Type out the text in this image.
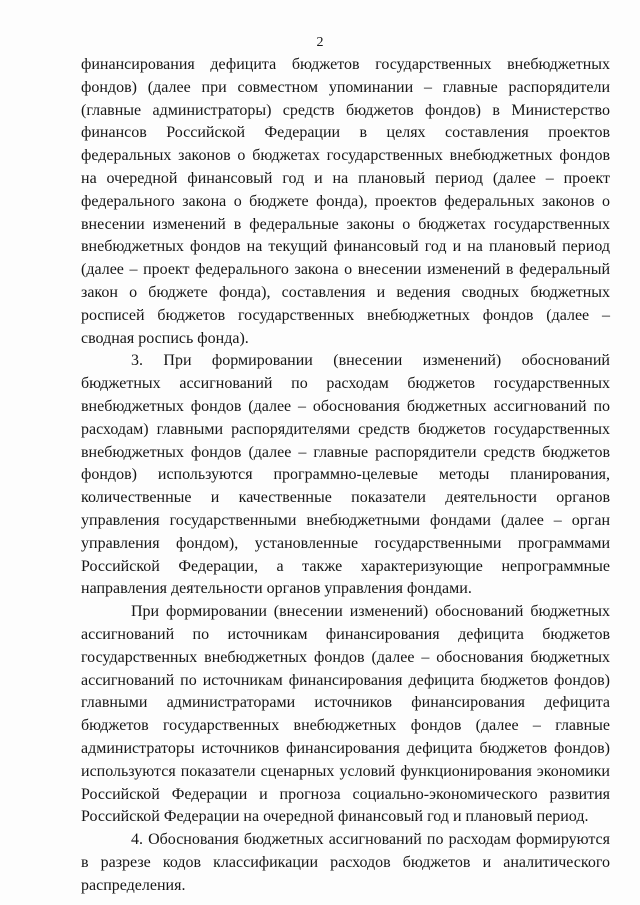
2

финансирования дефицита бюджетов государственных внебюджетных фондов) (далее при совместном упоминании – главные распорядители (главные администраторы) средств бюджетов фондов) в Министерство финансов Российской Федерации в целях составления проектов федеральных законов о бюджетах государственных внебюджетных фондов на очередной финансовый год и на плановый период (далее – проект федерального закона о бюджете фонда), проектов федеральных законов о внесении изменений в федеральные законы о бюджетах государственных внебюджетных фондов на текущий финансовый год и на плановый период (далее – проект федерального закона о внесении изменений в федеральный закон о бюджете фонда), составления и ведения сводных бюджетных росписей бюджетов государственных внебюджетных фондов (далее – сводная роспись фонда).

3. При формировании (внесении изменений) обоснований бюджетных ассигнований по расходам бюджетов государственных внебюджетных фондов (далее – обоснования бюджетных ассигнований по расходам) главными распорядителями средств бюджетов государственных внебюджетных фондов (далее – главные распорядители средств бюджетов фондов) используются программно-целевые методы планирования, количественные и качественные показатели деятельности органов управления государственными внебюджетными фондами (далее – орган управления фондом), установленные государственными программами Российской Федерации, а также характеризующие непрограммные направления деятельности органов управления фондами.

При формировании (внесении изменений) обоснований бюджетных ассигнований по источникам финансирования дефицита бюджетов государственных внебюджетных фондов (далее – обоснования бюджетных ассигнований по источникам финансирования дефицита бюджетов фондов) главными администраторами источников финансирования дефицита бюджетов государственных внебюджетных фондов (далее – главные администраторы источников финансирования дефицита бюджетов фондов) используются показатели сценарных условий функционирования экономики Российской Федерации и прогноза социально-экономического развития Российской Федерации на очередной финансовый год и плановый период.

4. Обоснования бюджетных ассигнований по расходам формируются в разрезе кодов классификации расходов бюджетов и аналитического распределения.
